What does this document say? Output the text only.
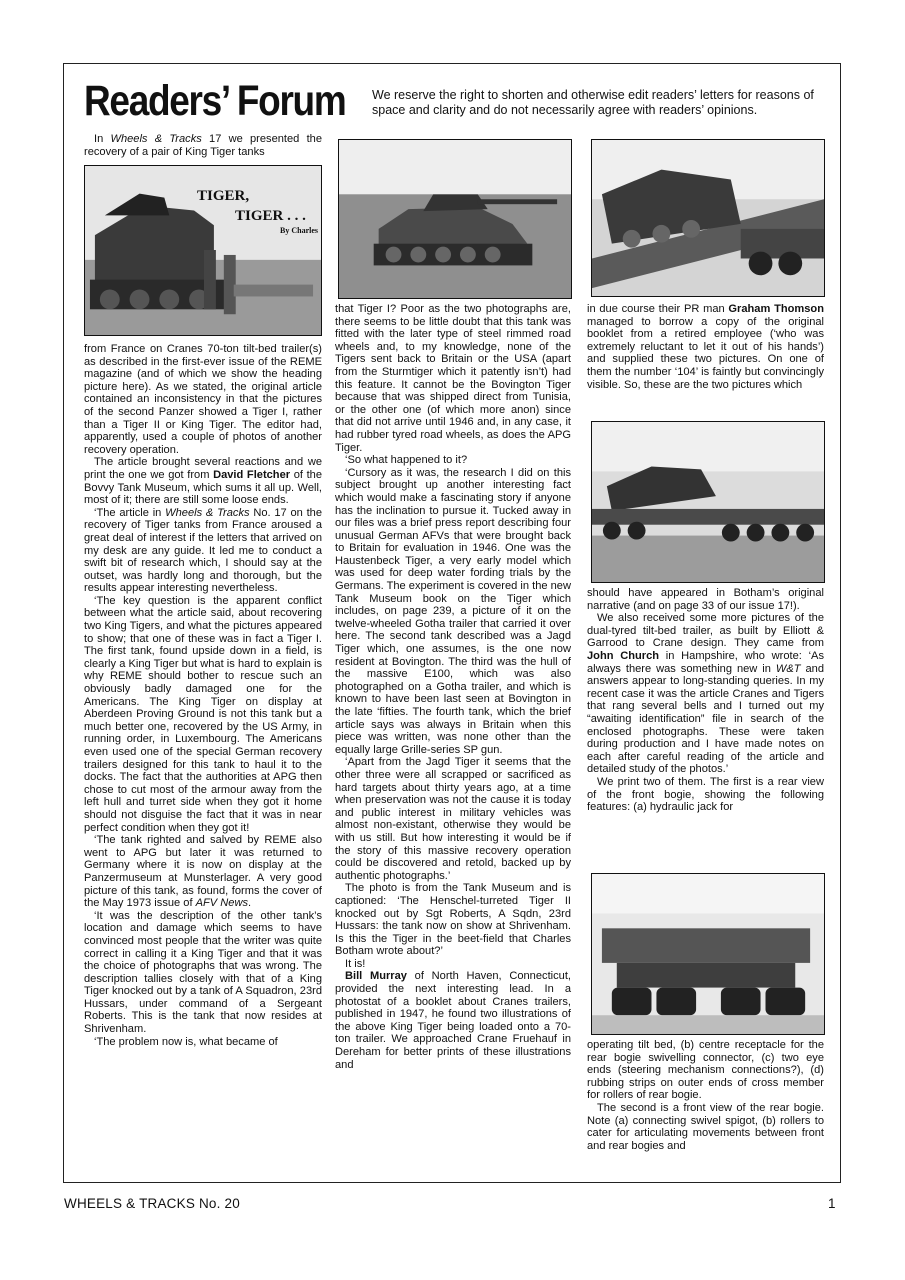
Readers’ Forum We reserve the right to shorten and otherwise edit readers’ letters for reasons of space and clarity and do not necessarily agree with readers’ opinions.

In Wheels & Tracks 17 we presented the recovery of a pair of King Tiger tanks

TIGER,
TIGER . . .
By Charles

from France on Cranes 70-ton tilt-bed trailer(s) as described in the first-ever issue of the REME magazine (and of which we show the heading picture here). As we stated, the original article contained an inconsistency in that the pictures of the second Panzer showed a Tiger I, rather than a Tiger II or King Tiger. The editor had, apparently, used a couple of photos of another recovery operation.

The article brought several reactions and we print the one we got from David Fletcher of the Bovvy Tank Museum, which sums it all up. Well, most of it; there are still some loose ends.

‘The article in Wheels & Tracks No. 17 on the recovery of Tiger tanks from France aroused a great deal of interest if the letters that arrived on my desk are any guide. It led me to conduct a swift bit of research which, I should say at the outset, was hardly long and thorough, but the results appear interesting nevertheless.

‘The key question is the apparent conflict between what the article said, about recovering two King Tigers, and what the pictures appeared to show; that one of these was in fact a Tiger I. The first tank, found upside down in a field, is clearly a King Tiger but what is hard to explain is why REME should bother to rescue such an obviously badly damaged one for the Americans. The King Tiger on display at Aberdeen Proving Ground is not this tank but a much better one, recovered by the US Army, in running order, in Luxembourg. The Americans even used one of the special German recovery trailers designed for this tank to haul it to the docks. The fact that the authorities at APG then chose to cut most of the armour away from the left hull and turret side when they got it home should not disguise the fact that it was in near perfect condition when they got it!

‘The tank righted and salved by REME also went to APG but later it was returned to Germany where it is now on display at the Panzermuseum at Munsterlager. A very good picture of this tank, as found, forms the cover of the May 1973 issue of AFV News.

‘It was the description of the other tank’s location and damage which seems to have convinced most people that the writer was quite correct in calling it a King Tiger and that it was the choice of photographs that was wrong. The description tallies closely with that of a King Tiger knocked out by a tank of A Squadron, 23rd Hussars, under command of a Sergeant Roberts. This is the tank that now resides at Shrivenham.

‘The problem now is, what became of

that Tiger I? Poor as the two photographs are, there seems to be little doubt that this tank was fitted with the later type of steel rimmed road wheels and, to my knowledge, none of the Tigers sent back to Britain or the USA (apart from the Sturmtiger which it patently isn’t) had this feature. It cannot be the Bovington Tiger because that was shipped direct from Tunisia, or the other one (of which more anon) since that did not arrive until 1946 and, in any case, it had rubber tyred road wheels, as does the APG Tiger.

‘So what happened to it?

‘Cursory as it was, the research I did on this subject brought up another interesting fact which would make a fascinating story if anyone has the inclination to pursue it. Tucked away in our files was a brief press report describing four unusual German AFVs that were brought back to Britain for evaluation in 1946. One was the Haustenbeck Tiger, a very early model which was used for deep water fording trials by the Germans. The experiment is covered in the new Tank Museum book on the Tiger which includes, on page 239, a picture of it on the twelve-wheeled Gotha trailer that carried it over here. The second tank described was a Jagd Tiger which, one assumes, is the one now resident at Bovington. The third was the hull of the massive E100, which was also photographed on a Gotha trailer, and which is known to have been last seen at Bovington in the late ‘fifties. The fourth tank, which the brief article says was always in Britain when this piece was written, was none other than the equally large Grille-series SP gun.

‘Apart from the Jagd Tiger it seems that the other three were all scrapped or sacrificed as hard targets about thirty years ago, at a time when preservation was not the cause it is today and public interest in military vehicles was almost non-existant, otherwise they would be with us still. But how interesting it would be if the story of this massive recovery operation could be discovered and retold, backed up by authentic photographs.’

The photo is from the Tank Museum and is captioned: ‘The Henschel-turreted Tiger II knocked out by Sgt Roberts, A Sqdn, 23rd Hussars: the tank now on show at Shrivenham. Is this the Tiger in the beet-field that Charles Botham wrote about?’

It is!

Bill Murray of North Haven, Connecticut, provided the next interesting lead. In a photostat of a booklet about Cranes trailers, published in 1947, he found two illustrations of the above King Tiger being loaded onto a 70-ton trailer. We approached Crane Fruehauf in Dereham for better prints of these illustrations and

in due course their PR man Graham Thomson managed to borrow a copy of the original booklet from a retired employee (‘who was extremely reluctant to let it out of his hands’) and supplied these two pictures. On one of them the number ‘104’ is faintly but convincingly visible. So, these are the two pictures which

should have appeared in Botham’s original narrative (and on page 33 of our issue 17!).

We also received some more pictures of the dual-tyred tilt-bed trailer, as built by Elliott & Garrood to Crane design. They came from John Church in Hampshire, who wrote: ‘As always there was something new in W&T and answers appear to long-standing queries. In my recent case it was the article Cranes and Tigers that rang several bells and I turned out my “awaiting identification” file in search of the enclosed photographs. These were taken during production and I have made notes on each after careful reading of the article and detailed study of the photos.’

We print two of them. The first is a rear view of the front bogie, showing the following features: (a) hydraulic jack for

operating tilt bed, (b) centre receptacle for the rear bogie swivelling connector, (c) two eye ends (steering mechanism connections?), (d) rubbing strips on outer ends of cross member for rollers of rear bogie.

The second is a front view of the rear bogie. Note (a) connecting swivel spigot, (b) rollers to cater for articulating movements between front and rear bogies and

WHEELS & TRACKS No. 20	1
